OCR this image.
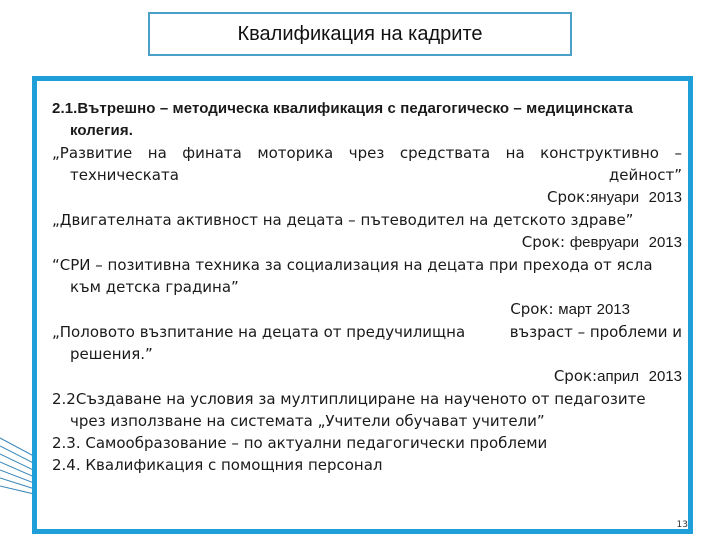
Квалификация на кадрите

2.1.Вътрешно – методическа квалификация с педагогическо – медицинската колегия.

„Развитие на фината моторика чрез средствата на конструктивно – техническата дейност”

Срок:януари 2013

„Двигателната активност на децата – пътеводител на детското здраве”

Срок: февруари 2013

“СРИ – позитивна техника за социализация на децата при прехода от ясла към детска градина”

Срок: март 2013

„Половото възпитание на децата от предучилищна	възраст – проблеми и

решения.”

Срок:април 2013

2.2Създаване на условия за мултиплициране на наученото от педагозите чрез използване на системата „Учители обучават учители”

2.3. Самообразование – по актуални педагогически проблеми

2.4. Квалификация с помощния персонал

13
